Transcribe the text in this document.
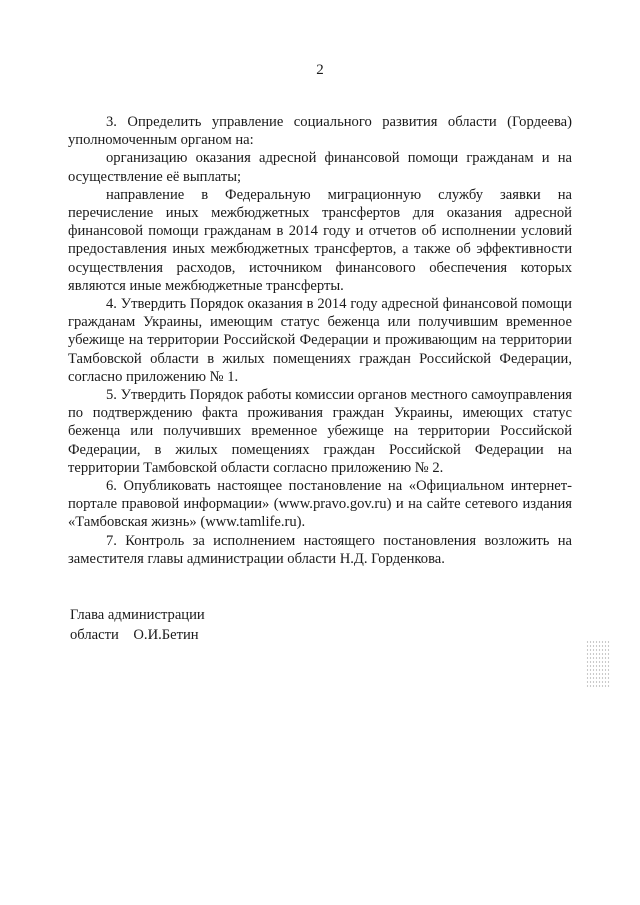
2

3. Определить управление социального развития области (Гордеева) уполномоченным органом на:

организацию оказания адресной финансовой помощи гражданам и на осуществление её выплаты;

направление в Федеральную миграционную службу заявки на перечисление иных межбюджетных трансфертов для оказания адресной финансовой помощи гражданам в 2014 году и отчетов об исполнении условий предоставления иных межбюджетных трансфертов, а также об эффективности осуществления расходов, источником финансового обеспечения которых являются иные межбюджетные трансферты.

4. Утвердить Порядок оказания в 2014 году адресной финансовой помощи гражданам Украины, имеющим статус беженца или получившим временное убежище на территории Российской Федерации и проживающим на территории Тамбовской области в жилых помещениях граждан Российской Федерации, согласно приложению № 1.

5. Утвердить Порядок работы комиссии органов местного самоуправления по подтверждению факта проживания граждан Украины, имеющих статус беженца или получивших временное убежище на территории Российской Федерации, в жилых помещениях граждан Российской Федерации на территории Тамбовской области согласно приложению № 2.

6. Опубликовать настоящее постановление на «Официальном интернет-портале правовой информации» (www.pravo.gov.ru) и на сайте сетевого издания «Тамбовская жизнь» (www.tamlife.ru).

7. Контроль за исполнением настоящего постановления возложить на заместителя главы администрации области Н.Д. Горденкова.

Глава администрации
области    О.И.Бетин
